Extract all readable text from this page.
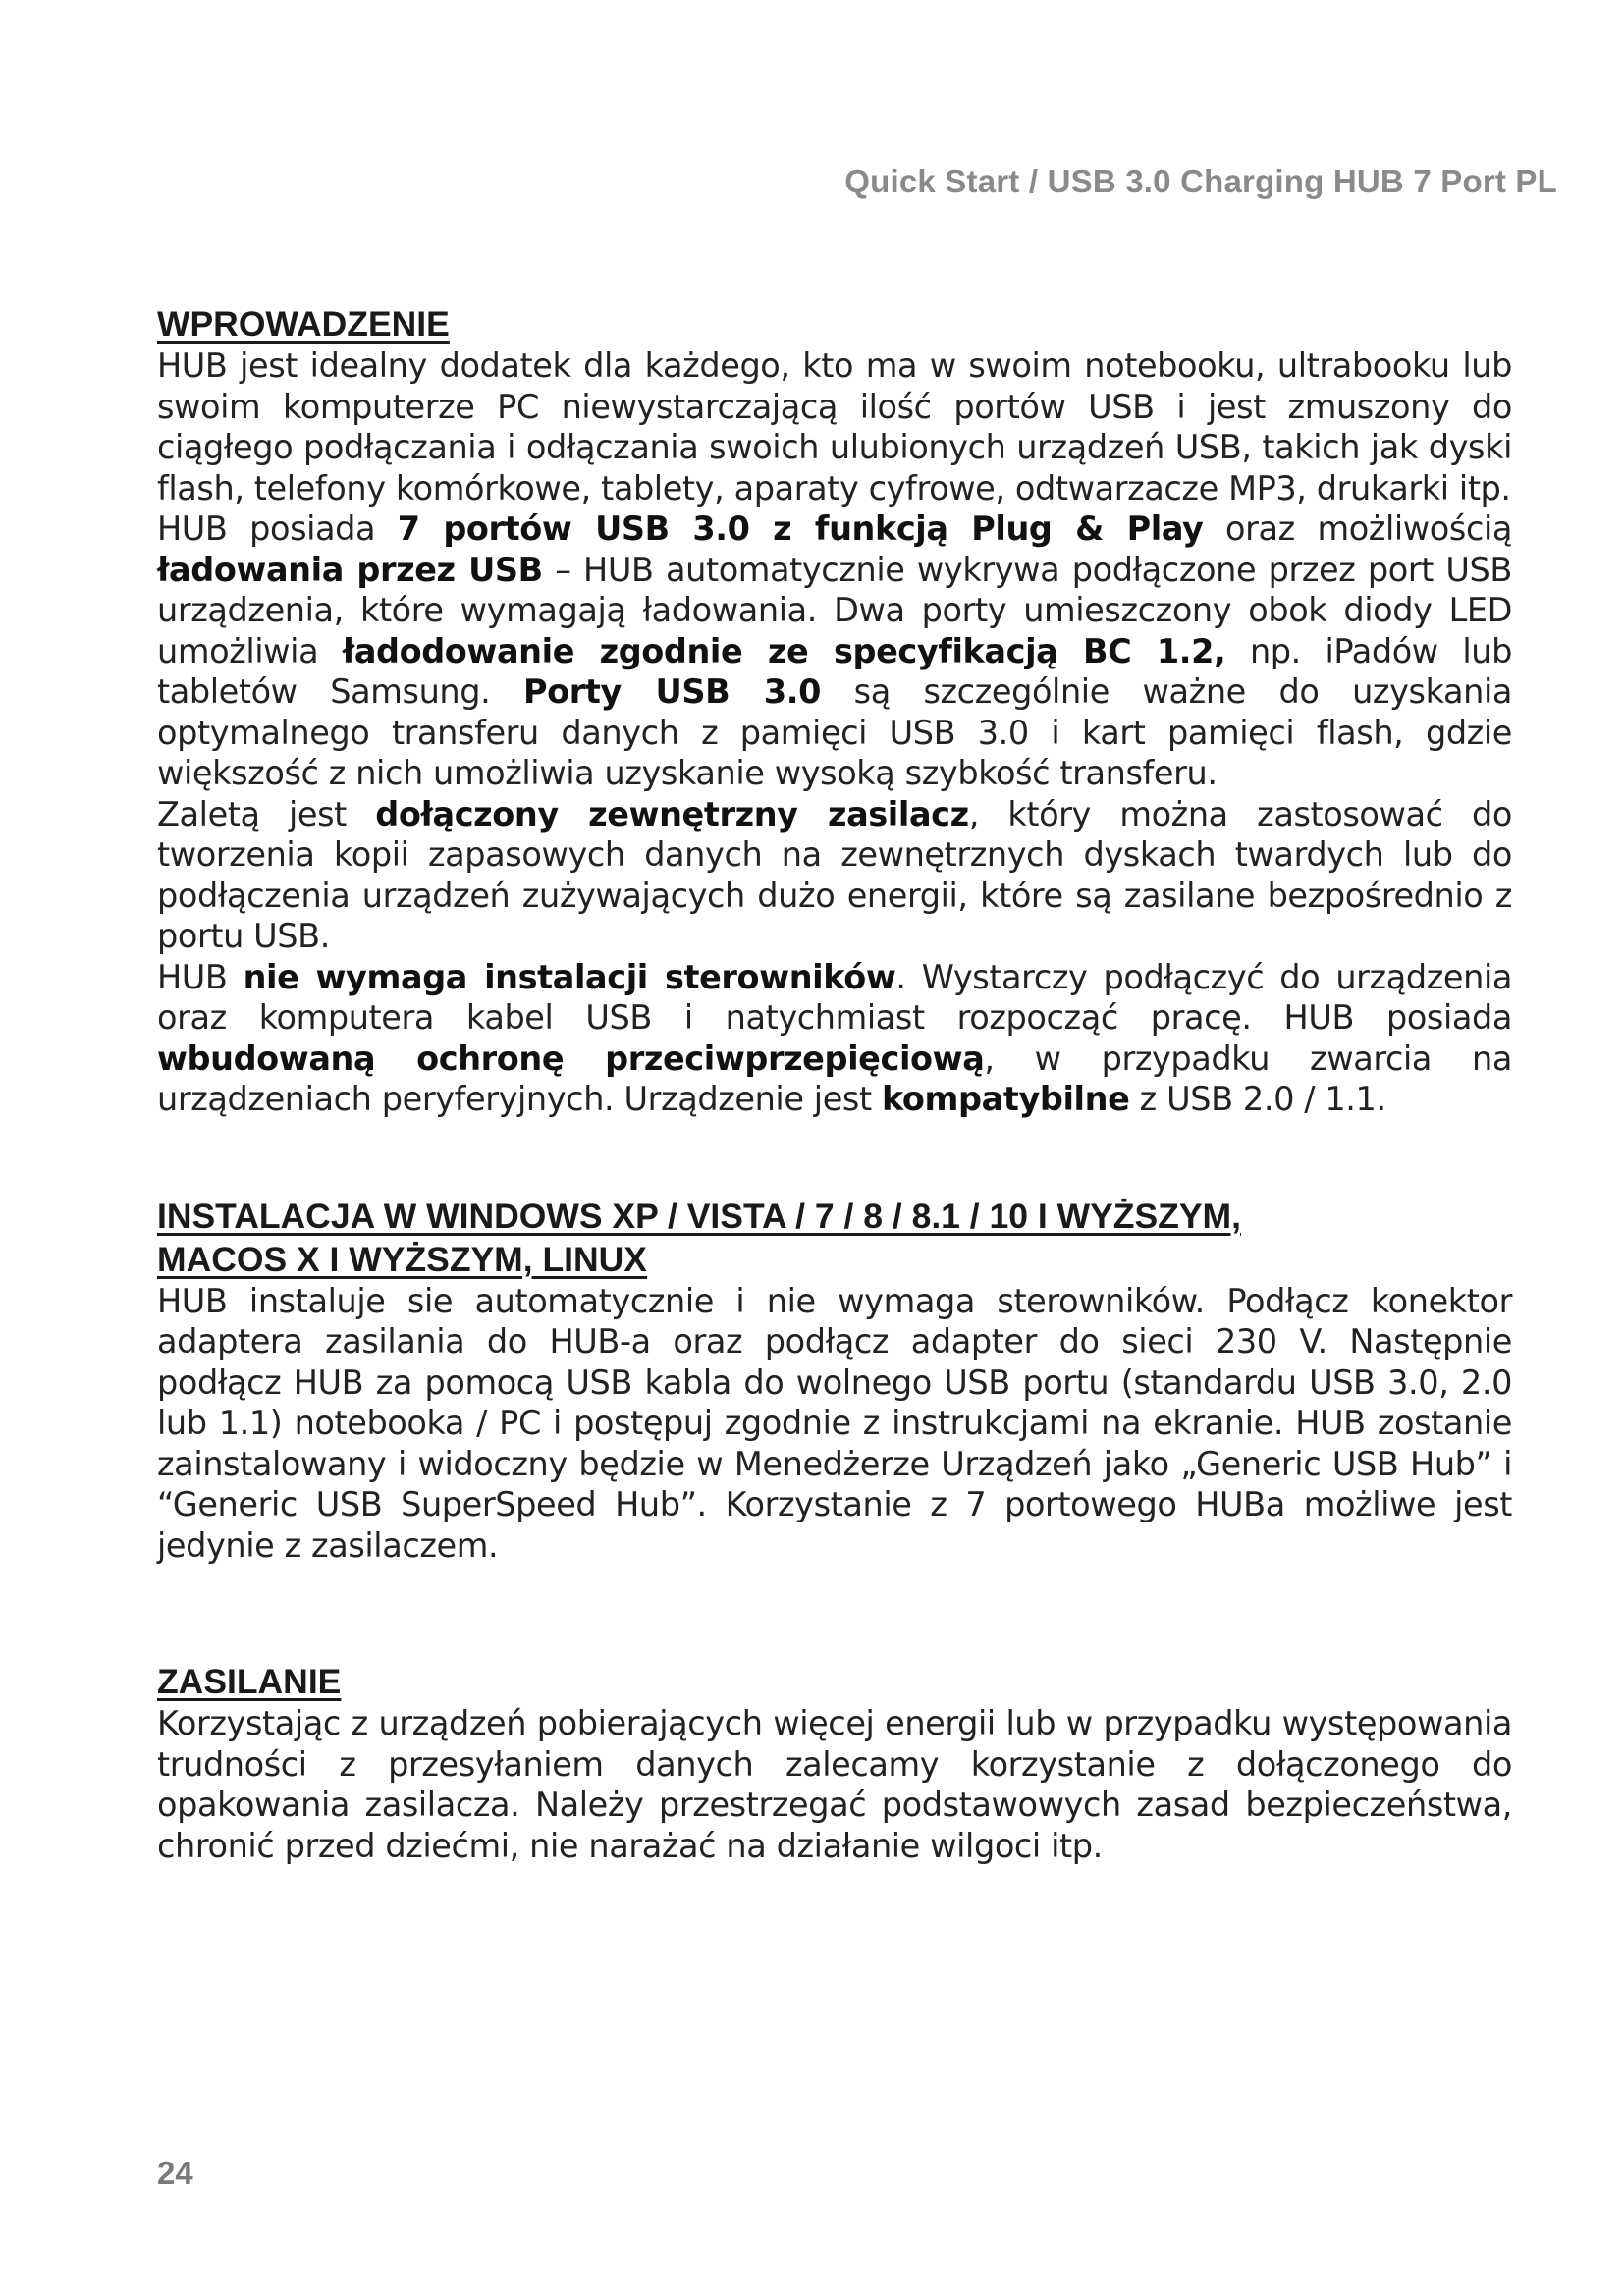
Quick Start / USB 3.0 Charging HUB 7 Port PL
WPROWADZENIE

HUB jest idealny dodatek dla każdego, kto ma w swoim notebooku, ultrabooku lub swoim komputerze PC niewystarczającą ilość portów USB i jest zmuszony do ciągłego podłączania i odłączania swoich ulubionych urządzeń USB, takich jak dyski flash, telefony komórkowe, tablety, aparaty cyfrowe, odtwarzacze MP3, drukarki itp.

HUB posiada 7 portów USB 3.0 z funkcją Plug & Play oraz możliwością ładowania przez USB – HUB automatycznie wykrywa podłączone przez port USB urządzenia, które wymagają ładowania. Dwa porty umieszczony obok diody LED umożliwia ładodowanie zgodnie ze specyfikacją BC 1.2, np. iPadów lub tabletów Samsung. Porty USB 3.0 są szczególnie ważne do uzyskania optymalnego transferu danych z pamięci USB 3.0 i kart pamięci flash, gdzie większość z nich umożliwia uzyskanie wysoką szybkość transferu.

Zaletą jest dołączony zewnętrzny zasilacz, który można zastosować do tworzenia kopii zapasowych danych na zewnętrznych dyskach twardych lub do podłączenia urządzeń zużywających dużo energii, które są zasilane bezpośrednio z portu USB.

HUB nie wymaga instalacji sterowników. Wystarczy podłączyć do urządzenia oraz komputera kabel USB i natychmiast rozpocząć pracę. HUB posiada wbudowaną ochronę przeciwprzepięciową, w przypadku zwarcia na urządzeniach peryferyjnych. Urządzenie jest kompatybilne z USB 2.0 / 1.1.

INSTALACJA W WINDOWS XP / VISTA / 7 / 8 / 8.1 / 10 I WYŻSZYM,
MACOS X I WYŻSZYM, LINUX

HUB instaluje sie automatycznie i nie wymaga sterowników. Podłącz konektor adaptera zasilania do HUB-a oraz podłącz adapter do sieci 230 V. Następnie podłącz HUB za pomocą USB kabla do wolnego USB portu (standardu USB 3.0, 2.0 lub 1.1) notebooka / PC i postępuj zgodnie z instrukcjami na ekranie. HUB zostanie zainstalowany i widoczny będzie w Menedżerze Urządzeń jako „Generic USB Hub” i “Generic USB SuperSpeed Hub”. Korzystanie z 7 portowego HUBa możliwe jest jedynie z zasilaczem.

ZASILANIE

Korzystając z urządzeń pobierających więcej energii lub w przypadku występowania trudności z przesyłaniem danych zalecamy korzystanie z dołączonego do opakowania zasilacza. Należy przestrzegać podstawowych zasad bezpieczeństwa, chronić przed dziećmi, nie narażać na działanie wilgoci itp.

24
